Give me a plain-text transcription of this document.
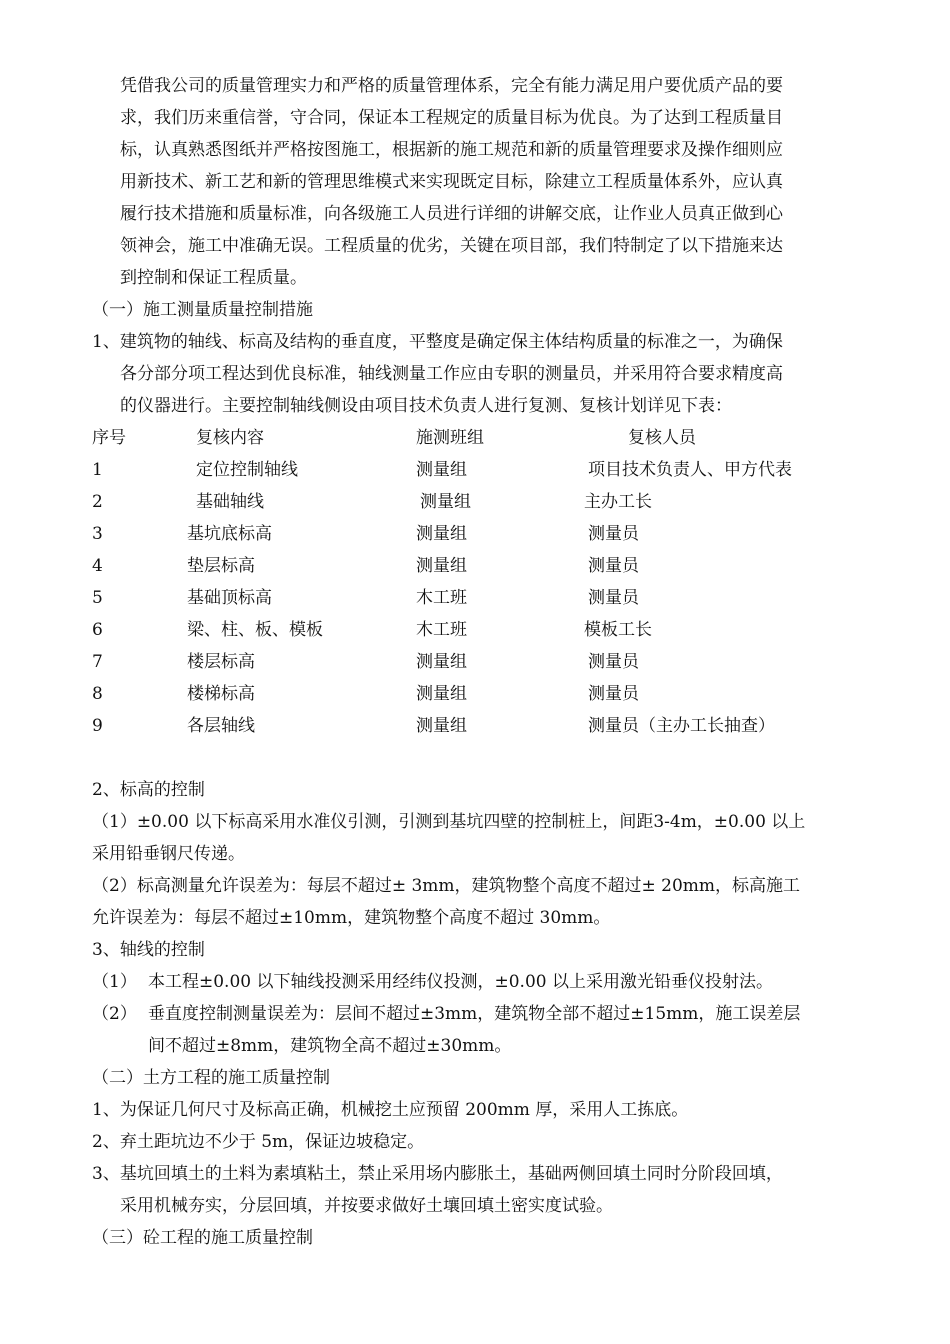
凭借我公司的质量管理实力和严格的质量管理体系，完全有能力满足用户要优质产品的要
求，我们历来重信誉，守合同，保证本工程规定的质量目标为优良。为了达到工程质量目
标，认真熟悉图纸并严格按图施工，根据新的施工规范和新的质量管理要求及操作细则应
用新技术、新工艺和新的管理思维模式来实现既定目标，除建立工程质量体系外，应认真
履行技术措施和质量标准，向各级施工人员进行详细的讲解交底，让作业人员真正做到心
领神会，施工中准确无误。工程质量的优劣，关键在项目部，我们特制定了以下措施来达
到控制和保证工程质量。
（一）施工测量质量控制措施
1、建筑物的轴线、标高及结构的垂直度，平整度是确定保主体结构质量的标准之一，为确保
各分部分项工程达到优良标准，轴线测量工作应由专职的测量员，并采用符合要求精度高
的仪器进行。主要控制轴线侧设由项目技术负责人进行复测、复核计划详见下表：
序号	复核内容	施测班组	复核人员
1	定位控制轴线	测量组	项目技术负责人、甲方代表
2	基础轴线	测量组	主办工长
3	基坑底标高	测量组	测量员
4	垫层标高	测量组	测量员
5	基础顶标高	木工班	测量员
6	梁、柱、板、模板	木工班	模板工长
7	楼层标高	测量组	测量员
8	楼梯标高	测量组	测量员
9	各层轴线	测量组	测量员（主办工长抽查）
2、标高的控制
（1）±0.00 以下标高采用水准仪引测，引测到基坑四壁的控制桩上，间距3-4m，±0.00 以上
采用铅垂钢尺传递。
（2）标高测量允许误差为：每层不超过± 3mm，建筑物整个高度不超过± 20mm，标高施工
允许误差为：每层不超过±10mm，建筑物整个高度不超过 30mm。
3、轴线的控制
（1） 本工程±0.00 以下轴线投测采用经纬仪投测，±0.00 以上采用激光铅垂仪投射法。
（2） 垂直度控制测量误差为：层间不超过±3mm，建筑物全部不超过±15mm，施工误差层
间不超过±8mm，建筑物全高不超过±30mm。
（二）土方工程的施工质量控制
1、为保证几何尺寸及标高正确，机械挖土应预留 200mm 厚，采用人工拣底。
2、弃土距坑边不少于 5m，保证边坡稳定。
3、基坑回填土的土料为素填粘土，禁止采用场内膨胀土，基础两侧回填土同时分阶段回填，
采用机械夯实，分层回填，并按要求做好土壤回填土密实度试验。
（三）砼工程的施工质量控制
